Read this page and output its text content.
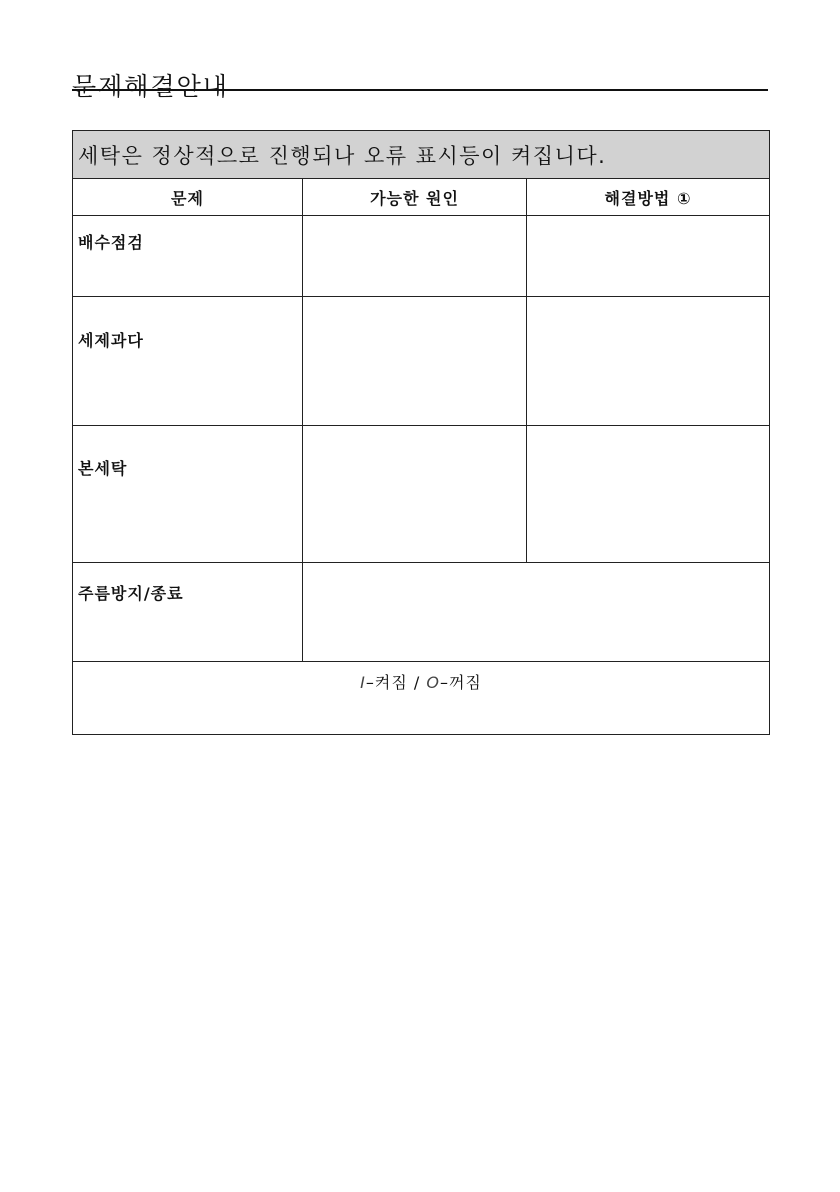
문제해결안내
세탁은 정상적으로 진행되나 오류 표시등이 켜집니다.		
문제	가능한 원인	해결방법 ①
배수점검		
세제과다		
본세탁		
주름방지/종료		
I–켜짐 / O–꺼짐		
